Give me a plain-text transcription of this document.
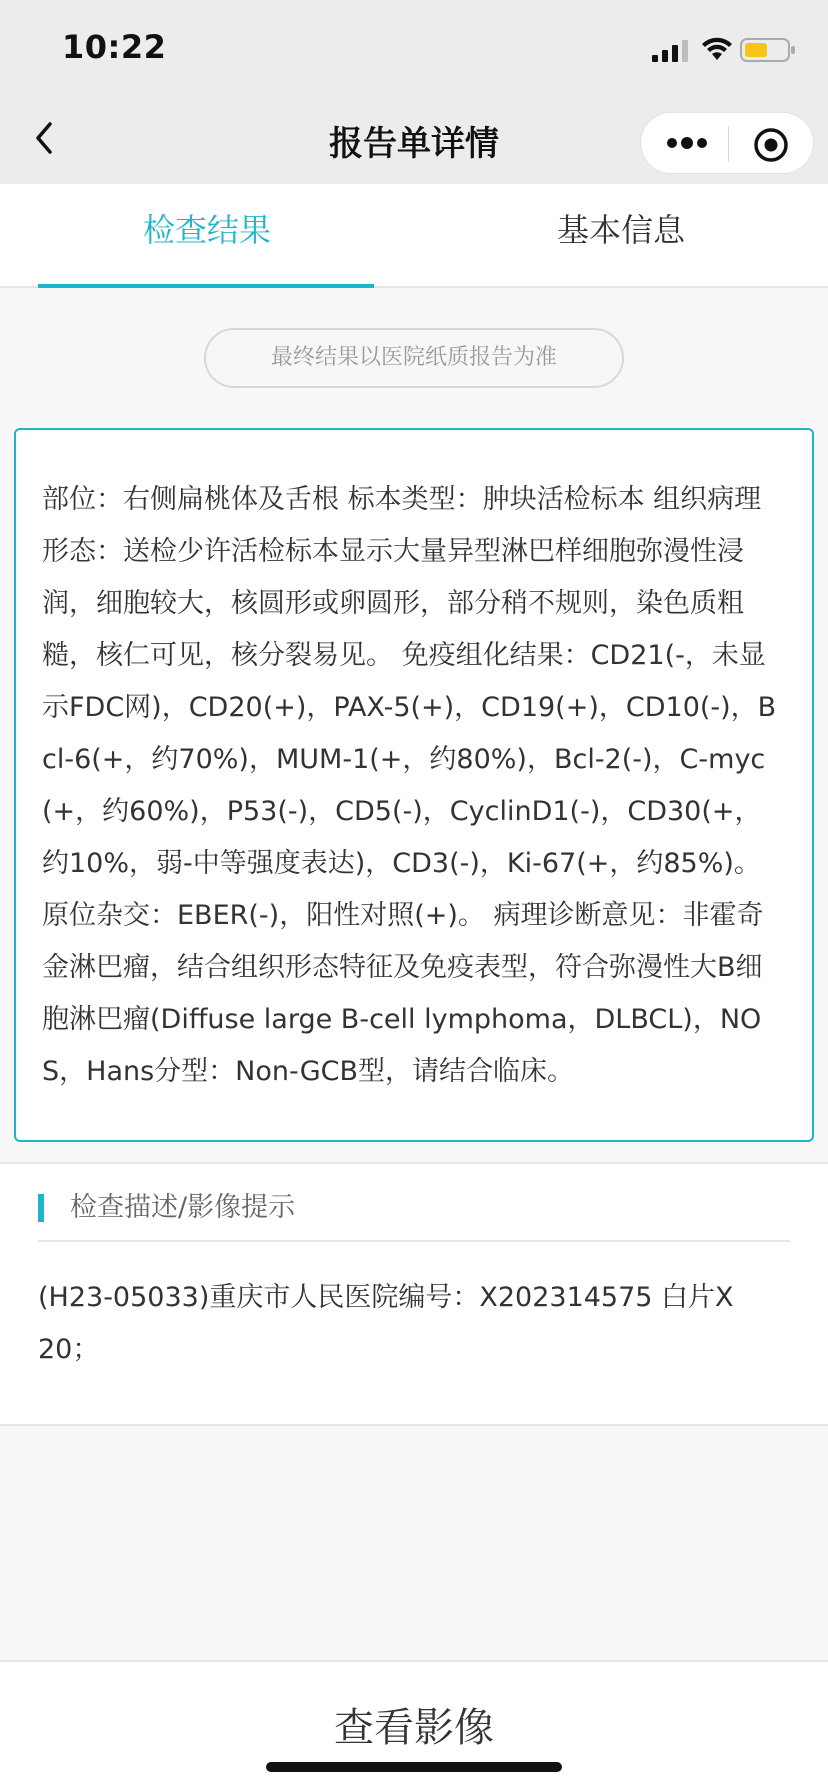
10:22
报告单详情
检查结果	基本信息
最终结果以医院纸质报告为准
部位：右侧扁桃体及舌根 标本类型：肿块活检标本 组织病理形态：送检少许活检标本显示大量异型淋巴样细胞弥漫性浸润，细胞较大，核圆形或卵圆形，部分稍不规则，染色质粗糙，核仁可见，核分裂易见。 免疫组化结果：CD21(-，未显示FDC网)，CD20(+)，PAX-5(+)，CD19(+)，CD10(-)，Bcl-6(+，约70%)，MUM-1(+，约80%)，Bcl-2(-)，C-myc(+，约60%)，P53(-)，CD5(-)，CyclinD1(-)，CD30(+，约10%，弱-中等强度表达)，CD3(-)，Ki-67(+，约85%)。 原位杂交：EBER(-)，阳性对照(+)。 病理诊断意见：非霍奇金淋巴瘤，结合组织形态特征及免疫表型，符合弥漫性大B细胞淋巴瘤(Diffuse large B-cell lymphoma，DLBCL)，NOS，Hans分型：Non-GCB型，请结合临床。
检查描述/影像提示
(H23-05033)重庆市人民医院编号：X202314575 白片X20；
查看影像
